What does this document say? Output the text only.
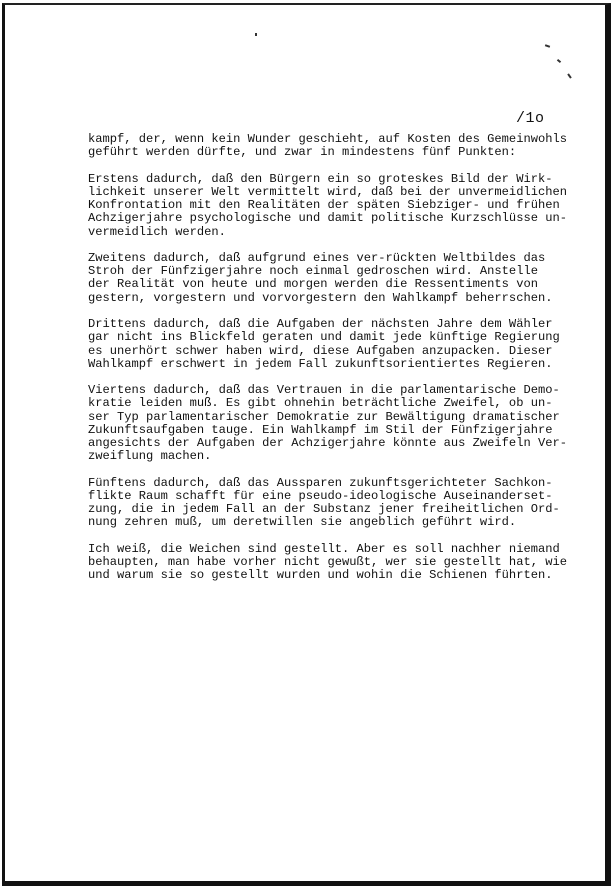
/1o

kampf, der, wenn kein Wunder geschieht, auf Kosten des Gemeinwohls
geführt werden dürfte, und zwar in mindestens fünf Punkten:

Erstens dadurch, daß den Bürgern ein so groteskes Bild der Wirk-
lichkeit unserer Welt vermittelt wird, daß bei der unvermeidlichen
Konfrontation mit den Realitäten der späten Siebziger- und frühen
Achzigerjahre psychologische und damit politische Kurzschlüsse un-
vermeidlich werden.

Zweitens dadurch, daß aufgrund eines ver-rückten Weltbildes das
Stroh der Fünfzigerjahre noch einmal gedroschen wird. Anstelle
der Realität von heute und morgen werden die Ressentiments von
gestern, vorgestern und vorvorgestern den Wahlkampf beherrschen.

Drittens dadurch, daß die Aufgaben der nächsten Jahre dem Wähler
gar nicht ins Blickfeld geraten und damit jede künftige Regierung
es unerhört schwer haben wird, diese Aufgaben anzupacken. Dieser
Wahlkampf erschwert in jedem Fall zukunftsorientiertes Regieren.

Viertens dadurch, daß das Vertrauen in die parlamentarische Demo-
kratie leiden muß. Es gibt ohnehin beträchtliche Zweifel, ob un-
ser Typ parlamentarischer Demokratie zur Bewältigung dramatischer
Zukunftsaufgaben tauge. Ein Wahlkampf im Stil der Fünfzigerjahre
angesichts der Aufgaben der Achzigerjahre könnte aus Zweifeln Ver-
zweiflung machen.

Fünftens dadurch, daß das Aussparen zukunftsgerichteter Sachkon-
flikte Raum schafft für eine pseudo-ideologische Auseinanderset-
zung, die in jedem Fall an der Substanz jener freiheitlichen Ord-
nung zehren muß, um deretwillen sie angeblich geführt wird.

Ich weiß, die Weichen sind gestellt. Aber es soll nachher niemand
behaupten, man habe vorher nicht gewußt, wer sie gestellt hat, wie
und warum sie so gestellt wurden und wohin die Schienen führten.
